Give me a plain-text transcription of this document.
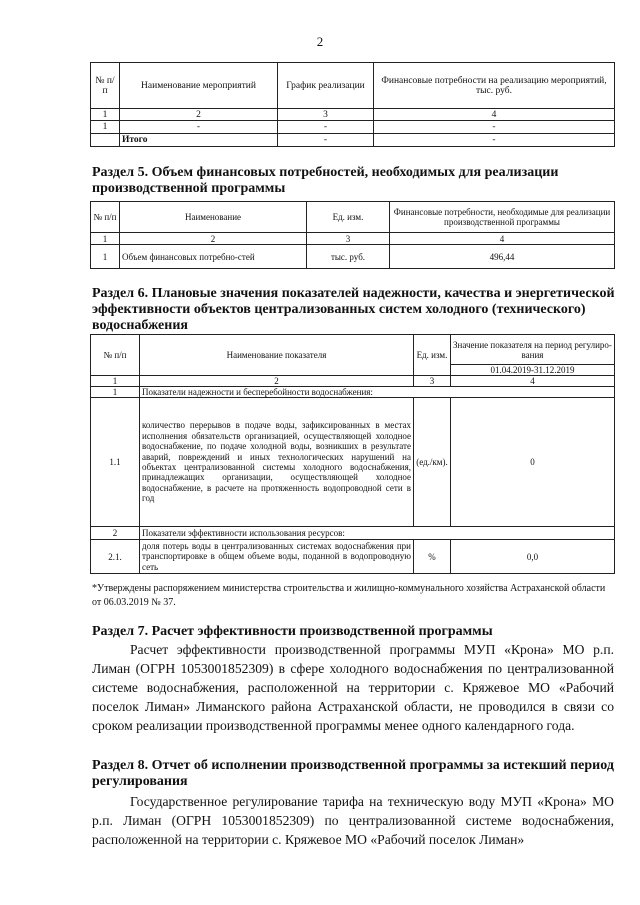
2
№ п/п	Наименование мероприятий	График реализации	Финансовые потребности на реализацию мероприятий, тыс. руб.
1	2	3	4
1	-	-	-
	Итого	-	-
Раздел 5. Объем финансовых потребностей, необходимых для реализации производственной программы
№ п/п	Наименование	Ед. изм.	Финансовые потребности, необходимые для реализации производственной программы
1	2	3	4
1	Объем финансовых потребно-стей	тыс. руб.	496,44
Раздел 6. Плановые значения показателей надежности, качества и энергетической эффективности объектов централизованных систем холодного (технического) водоснабжения
№ п/п	Наименование показателя	Ед. изм.	Значение показателя на период регулиро-вания
			01.04.2019-31.12.2019
1	2	3	4
1	Показатели надежности и бесперебойности водоснабжения:		
1.1	количество перерывов в подаче воды, зафиксированных в местах исполнения обязательств организацией, осуществляющей холодное водоснабжение, по подаче холодной воды, возникших в результате аварий, повреждений и иных технологических нарушений на объектах централизованной системы холодного водоснабжения, принадлежащих организации, осуществляющей холодное водоснабжение, в расчете на протяженность водопроводной сети в год	(ед./км).	0
2	Показатели эффективности использования ресурсов:		
2.1.	доля потерь воды в централизованных системах водоснабжения при транспортировке в общем объеме воды, поданной в водопроводную сеть	%	0,0
*Утверждены распоряжением министерства строительства и жилищно-коммунального хозяйства Астраханской области от 06.03.2019 № 37.
Раздел 7. Расчет эффективности производственной программы
Расчет эффективности производственной программы МУП «Крона» МО р.п. Лиман (ОГРН 1053001852309) в сфере холодного водоснабжения по централизованной системе водоснабжения, расположенной на территории с. Кряжевое МО «Рабочий поселок Лиман» Лиманского района Астраханской области, не проводился в связи со сроком реализации производственной программы менее одного календарного года.
Раздел 8. Отчет об исполнении производственной программы за истекший период регулирования
Государственное регулирование тарифа на техническую воду МУП «Крона» МО р.п. Лиман (ОГРН 1053001852309) по централизованной системе водоснабжения, расположенной на территории с. Кряжевое МО «Рабочий поселок Лиман»
